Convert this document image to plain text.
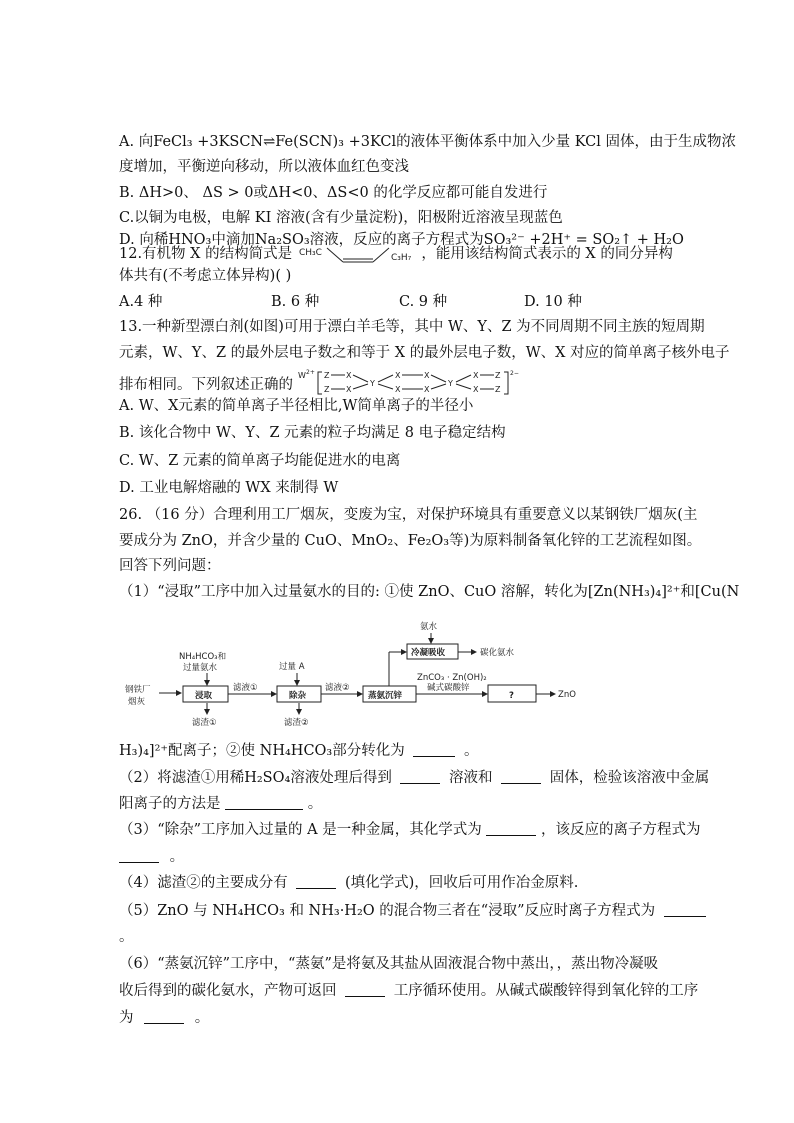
A. 向FeCl₃ +3KSCN⇌Fe(SCN)₃ +3KCl的液体平衡体系中加入少量 KCl 固体，由于生成物浓
度增加，平衡逆向移动，所以液体血红色变浅
B. ΔH>0、 ΔS > 0或ΔH<0、ΔS<0 的化学反应都可能自发进行
C.以铜为电极，电解 KI 溶液(含有少量淀粉)，阳极附近溶液呈现蓝色
D. 向稀HNO₃中滴加Na₂SO₃溶液，反应的离子方程式为SO₃²⁻ +2H⁺ = SO₂↑ + H₂O
12.有机物 X 的结构简式是 CH₃C	C₃H₇ ，能用该结构简式表示的 X 的同分异构
体共有(不考虑立体异构)( )
A.4 种	B. 6 种	C. 9 种	D. 10 种
13.一种新型漂白剂(如图)可用于漂白羊毛等，其中 W、Y、Z 为不同周期不同主族的短周期
元素，W、Y、Z 的最外层电子数之和等于 X 的最外层电子数，W、X 对应的简单离子核外电子
排布相同。下列叙述正确的
W 2+ Z X
Z X
Y
X	X
X	X
Y
X Z
X Z
2−
A. W、X元素的简单离子半径相比,W简单离子的半径小
B. 该化合物中 W、Y、Z 元素的粒子均满足 8 电子稳定结构
C. W、Z 元素的简单离子均能促进水的电离
D. 工业电解熔融的 WX 来制得 W
26. （16 分）合理利用工厂烟灰，变废为宝，对保护环境具有重要意义以某钢铁厂烟灰(主
要成分为 ZnO，并含少量的 CuO、MnO₂、Fe₂O₃等)为原料制备氧化锌的工艺流程如图。
回答下列问题：
（1）“浸取”工序中加入过量氨水的目的: ①使 ZnO、CuO 溶解，转化为[Zn(NH₃)₄]²⁺和[Cu(N
钢铁厂
烟灰
NH₄HCO₃和
过量氨水
浸取
滤渣①
滤液①
过量 A
除杂
滤渣②
滤液②
蒸氨沉锌
氨水
冷凝吸收	碳化氨水
ZnCO₃ · Zn(OH)₂
碱式碳酸锌
?	ZnO
H₃)₄]²⁺配离子；②使 NH₄HCO₃部分转化为	。
（2）将滤渣①用稀H₂SO₄溶液处理后得到	溶液和	固体，检验该溶液中金属
阳离子的方法是	。
（3）“除杂”工序加入过量的 A 是一种金属，其化学式为	，该反应的离子方程式为
。
（4）滤渣②的主要成分有	(填化学式)，回收后可用作冶金原料.
（5）ZnO 与 NH₄HCO₃ 和 NH₃·H₂O 的混合物三者在“浸取”反应时离子方程式为
。
（6）“蒸氨沉锌”工序中，“蒸氨”是将氨及其盐从固液混合物中蒸出，，蒸出物冷凝吸
收后得到的碳化氨水，产物可返回	工序循环使用。从碱式碳酸锌得到氧化锌的工序
为	。
